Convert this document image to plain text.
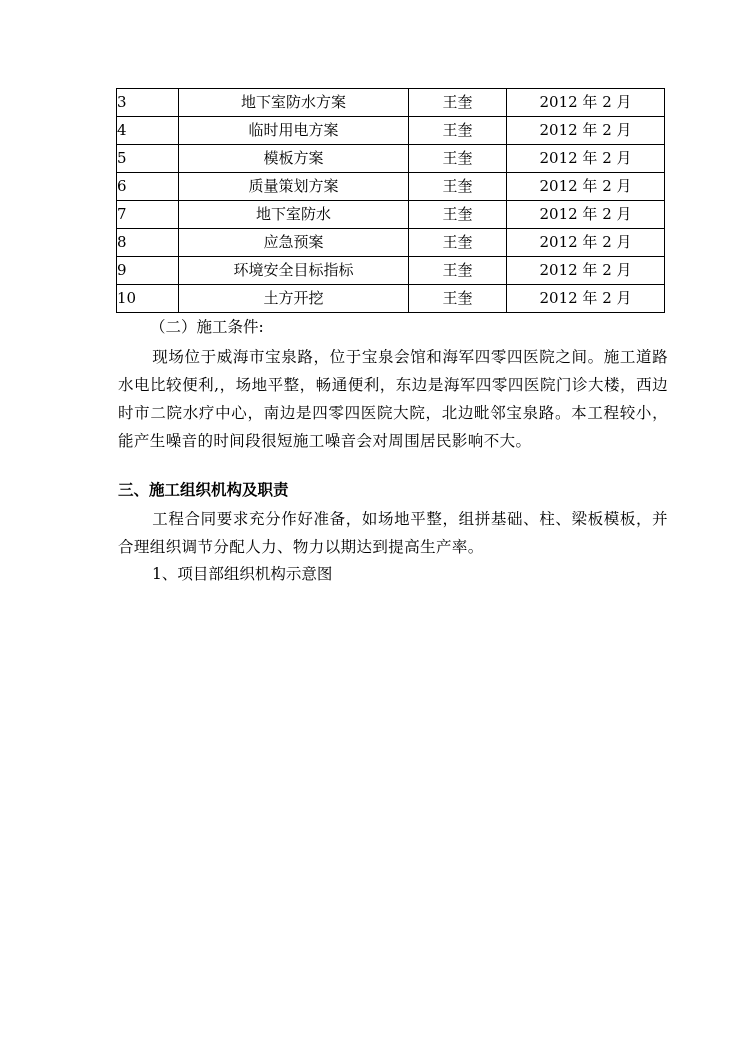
3	地下室防水方案	王奎	2012 年 2 月
4	临时用电方案	王奎	2012 年 2 月
5	模板方案	王奎	2012 年 2 月
6	质量策划方案	王奎	2012 年 2 月
7	地下室防水	王奎	2012 年 2 月
8	应急预案	王奎	2012 年 2 月
9	环境安全目标指标	王奎	2012 年 2 月
10	土方开挖	王奎	2012 年 2 月
（二）施工条件:
现场位于威海市宝泉路，位于宝泉会馆和海军四零四医院之间。施工道路水电比较便利,，场地平整，畅通便利，东边是海军四零四医院门诊大楼，西边时市二院水疗中心，南边是四零四医院大院，北边毗邻宝泉路。本工程较小，能产生噪音的时间段很短施工噪音会对周围居民影响不大。
三、施工组织机构及职责
工程合同要求充分作好准备，如场地平整，组拼基础、柱、梁板模板，并合理组织调节分配人力、物力以期达到提高生产率。
1、项目部组织机构示意图
